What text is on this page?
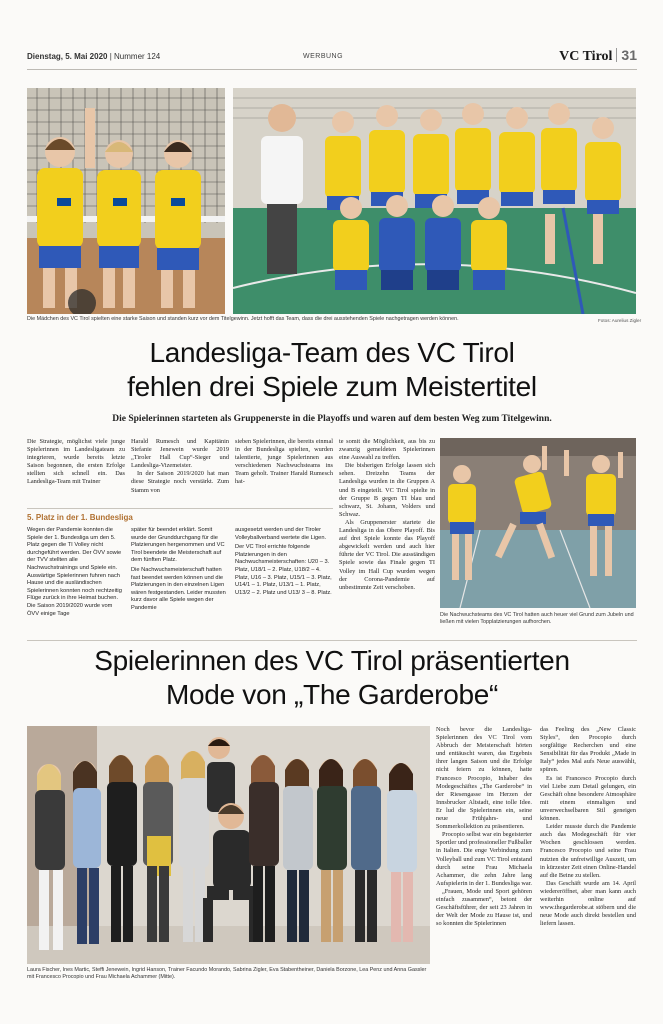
Dienstag, 5. Mai 2020 | Nummer 124	WERBUNG	VC Tirol 31
Die Mädchen des VC Tirol spielten eine starke Saison und standen kurz vor dem Titelgewinn. Jetzt hofft das Team, dass die drei ausstehenden Spiele nachgetragen werden können.	Fotos: Aurelius Zigler
Landesliga-Team des VC Tirol
fehlen drei Spiele zum Meistertitel
Die Spielerinnen starteten als Gruppenerste in die Playoffs und waren auf dem besten Weg zum Titelgewinn.

Die Strategie, möglichst viele junge Spielerinnen im Landesligateam zu integrieren, wurde bereits letzte Saison begonnen, die ersten Erfolge stellten sich schnell ein. Das Landesliga-Team mit Trainer

Harald Rumesch und Kapitänin Stefanie Jenewein wurde 2019 „Tiroler Hall Cup“-Sieger und Landesliga-Vizemeister.

In der Saison 2019/2020 hat man diese Strategie noch verstärkt. Zum Stamm von

sieben Spielerinnen, die bereits einmal in der Bundesliga spielten, wurden talentierte, junge Spielerinnen aus verschiedenen Nachwuchsteams ins Team geholt. Trainer Harald Rumesch hat-

te somit die Möglichkeit, aus bis zu zwanzig gemeldeten Spielerinnen eine Auswahl zu treffen.

Die bisherigen Erfolge lassen sich sehen. Dreizehn Teams der Landesliga wurden in die Gruppen A und B eingeteilt. VC Tirol spielte in der Gruppe B gegen TI blau und schwarz, St. Johann, Volders und Schwaz.

Als Gruppenerster startete die Landesliga in das Obere Playoff. Bis auf drei Spiele konnte das Playoff abgewickelt werden und auch hier führte der VC Tirol. Die ausständigen Spiele sowie das Finale gegen TI Volley im Hall Cup wurden wegen der Corona-Pandemie auf unbestimmte Zeit verschoben.

5. Platz in der 1. Bundesliga

Wegen der Pandemie konnten die Spiele der 1. Bundesliga um den 5. Platz gegen die TI Volley nicht durchgeführt werden. Der ÖVV sowie der TVV stellten alle Nachwuchstrainings und Spiele ein. Auswärtige Spielerinnen fuhren nach Hause und die ausländischen Spielerinnen konnten noch rechtzeitig Flüge zurück in ihre Heimat buchen. Die Saison 2019/2020 wurde vom ÖVV einige Tage

später für beendet erklärt. Somit wurde der Grunddurchgang für die Platzierungen hergenommen und VC Tirol beendete die Meisterschaft auf dem fünften Platz.

Die Nachwuchsmeisterschaft hatten fast beendet werden können und die Platzierungen in den einzelnen Ligen wären festgestanden. Leider mussten kurz davor alle Spiele wegen der Pandemie

ausgesetzt werden und der Tiroler Volleyballverband wertete die Ligen.

Der VC Tirol errichte folgende Platzierungen in den Nachwuchsmeisterschaften: U20 – 3. Platz, U18/1 – 2. Platz, U18/2 – 4. Platz, U16 – 3. Platz, U15/1 – 3. Platz, U14/1 – 1. Platz, U13/1 – 1. Platz, U13/2 – 2. Platz und U13/ 3 – 8. Platz.

Die Nachwuchsteams des VC Tirol hatten auch heuer viel Grund zum Jubeln und ließen mit vielen Topplatzierungen aufhorchen.
Spielerinnen des VC Tirol präsentierten
Mode von „The Garderobe“
Laura Fischer, Ines Martic, Steffi Jenewein, Ingrid Hanson, Trainer Facundo Morando, Sabrina Zigler, Eva Stabentheiner, Daniela Borzone, Lea Penz und Anna Gassler mit Francesco Procopio und Frau Michaela Achammer (Mitte).

Noch bevor die Landesliga-Spielerinnen des VC Tirol vom Abbruch der Meisterschaft hörten und enttäuscht waren, das Ergebnis ihrer langen Saison und die Erfolge nicht feiern zu können, hatte Francesco Procopio, Inhaber des Modegeschäftes „The Garderobe“ in der Riesengasse im Herzen der Innsbrucker Altstadt, eine tolle Idee. Er lud die Spielerinnen ein, seine neue Frühjahrs- und Sommerkollektion zu präsentieren.

Procopio selbst war ein begeisterter Sportler und professioneller Fußballer in Italien. Die enge Verbindung zum Volleyball und zum VC Tirol entstand durch seine Frau Michaela Achammer, die zehn Jahre lang Aufspielerin in der 1. Bundesliga war.

„Frauen, Mode und Sport gehören einfach zusammen“, betont der Geschäftsführer, der seit 23 Jahren in der Welt der Mode zu Hause ist, und so konnten die Spielerinnen

das Feeling des „New Classic Styles“, den Procopio durch sorgfältige Recherchen und eine Sensibilität für das Produkt „Made in Italy“ jedes Mal aufs Neue auswählt, spüren.

Es ist Francesco Procopio durch viel Liebe zum Detail gelungen, ein Geschäft ohne besondere Atmosphäre mit einem einmaligen und unverwechselbaren Stil geneigen können.

Leider musste durch die Pandemie auch das Modegeschäft für vier Wochen geschlossen werden. Francesco Procopio und seine Frau nutzten die unfreiwillige Auszeit, um in kürzester Zeit einen Online-Handel auf die Beine zu stellen.

Das Geschäft wurde am 14. April wiedereröffnet, aber man kann auch weiterhin online auf www.thegarderobe.at stöbern und die neue Mode auch direkt bestellen und liefern lassen.
